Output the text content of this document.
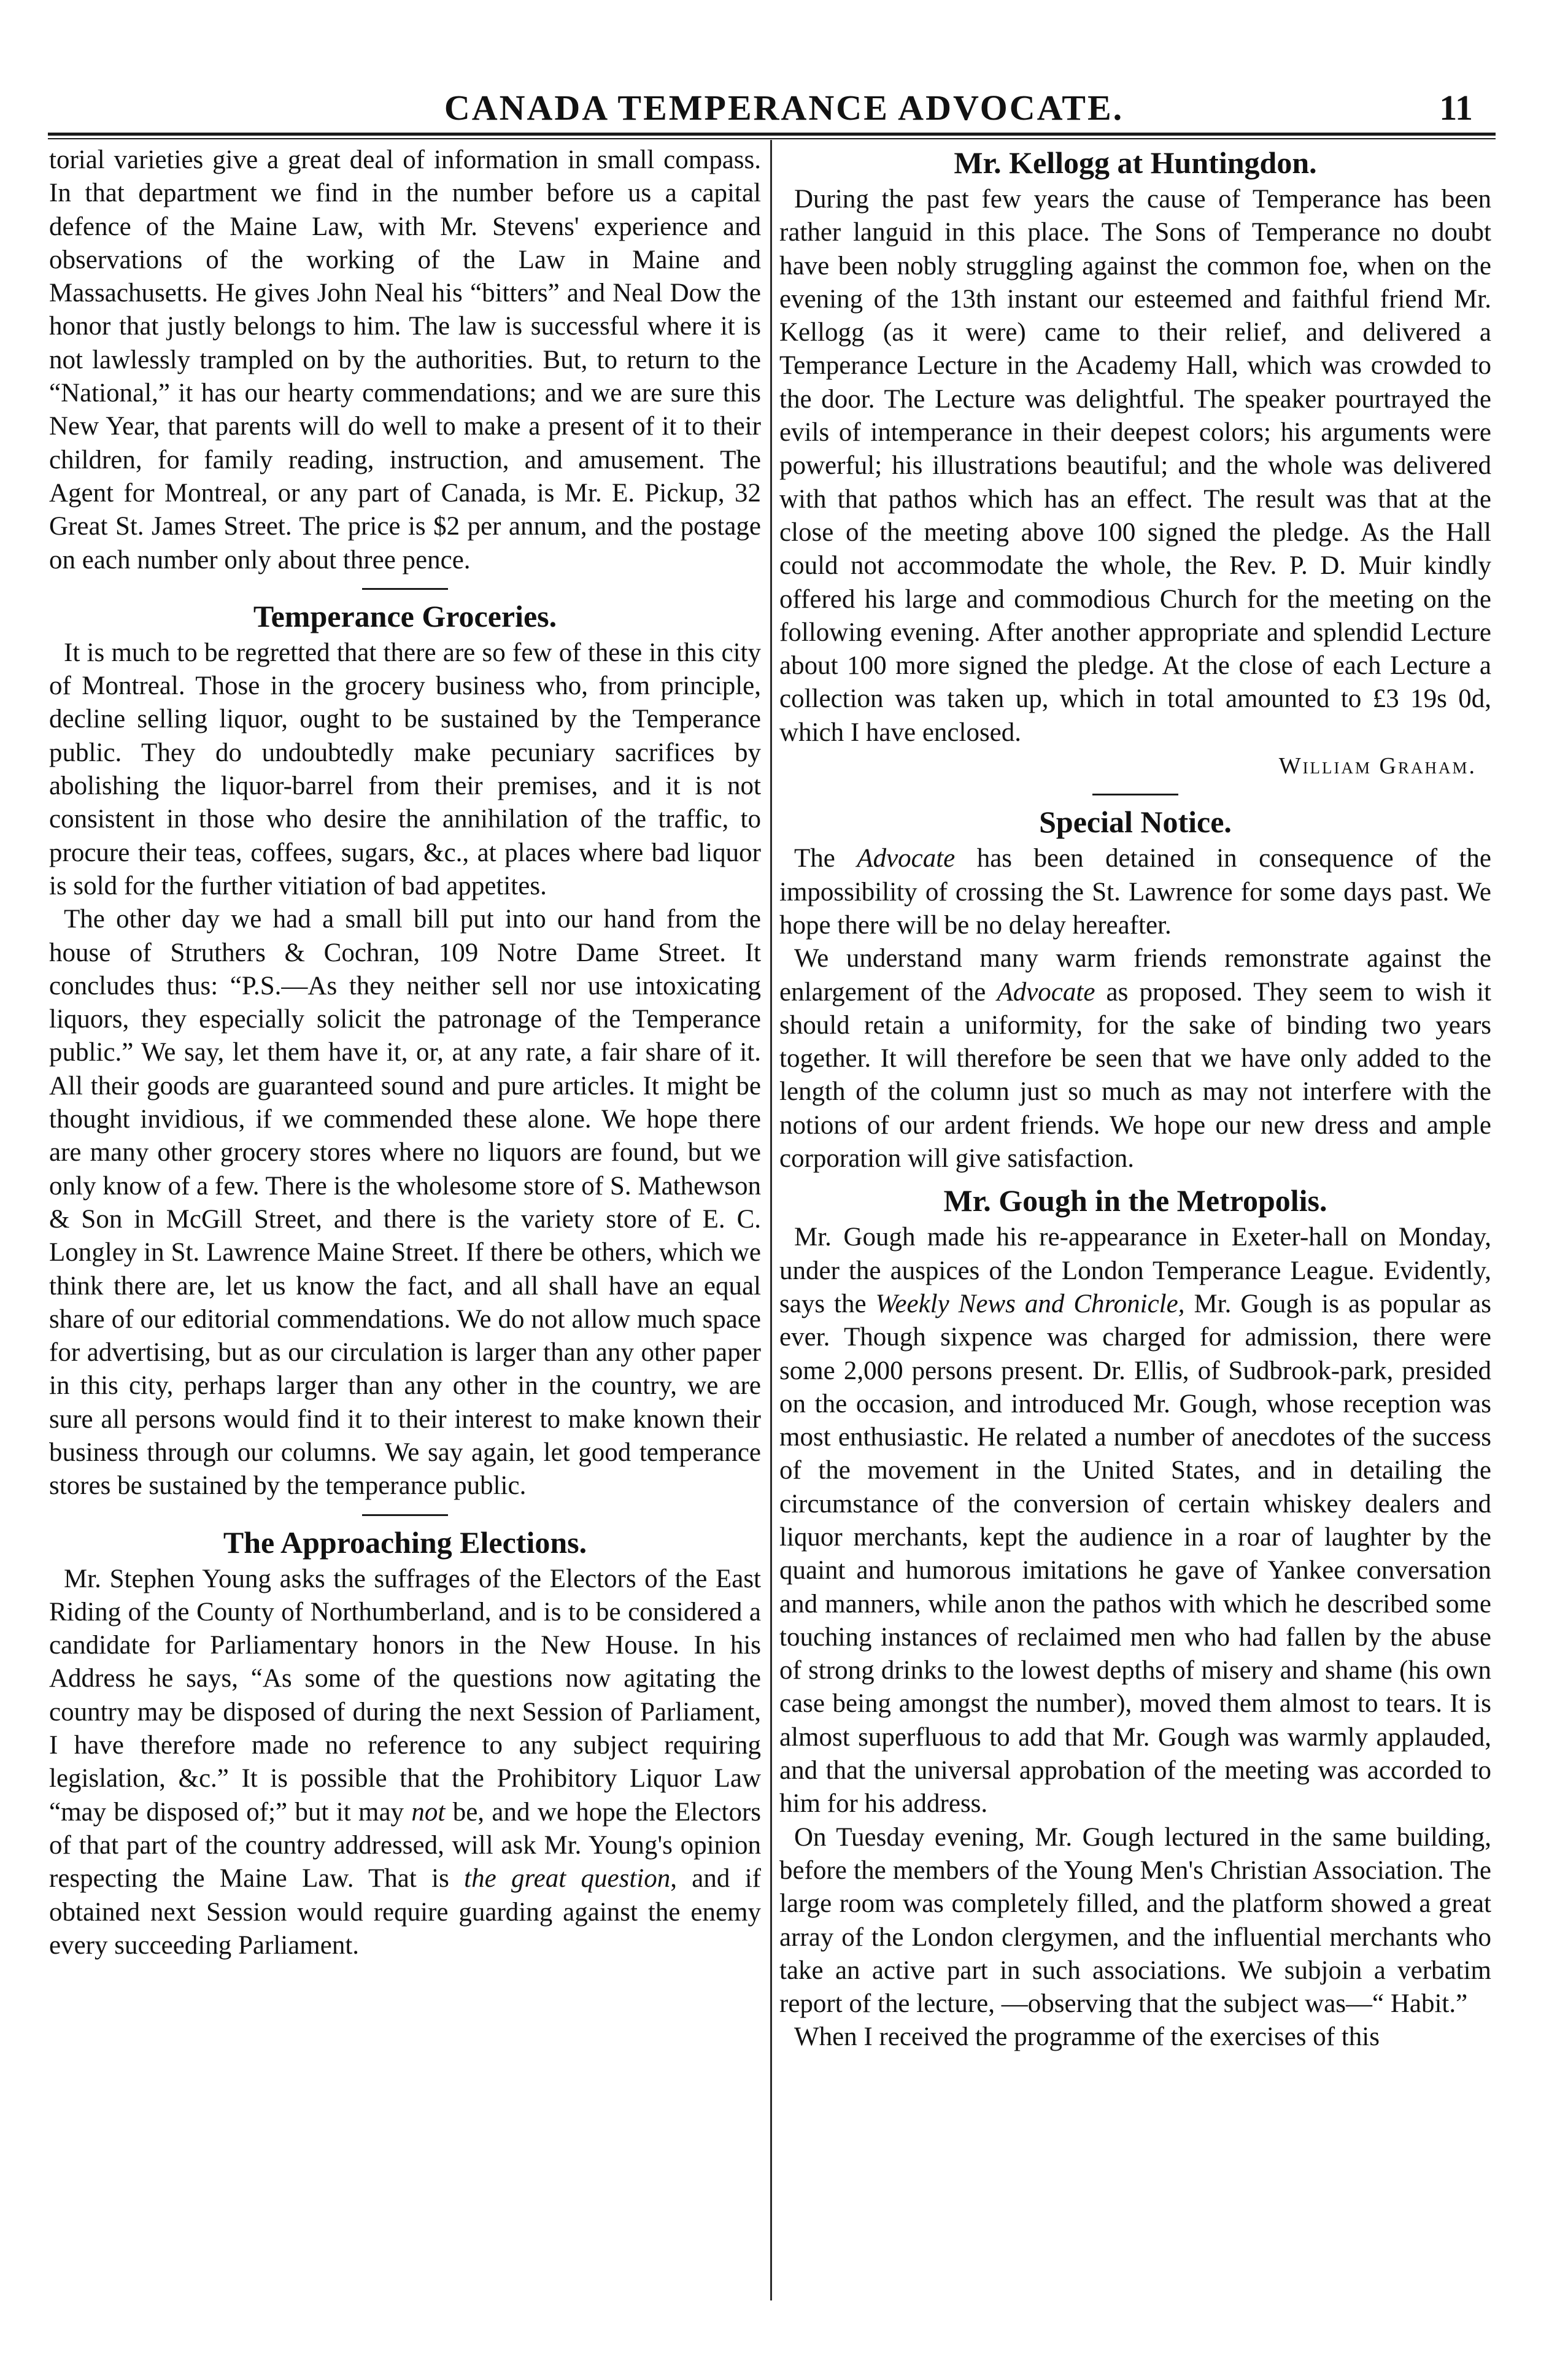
CANADA TEMPERANCE ADVOCATE.	11

torial varieties give a great deal of information in small compass. In that department we find in the number before us a capital defence of the Maine Law, with Mr. Stevens' experience and observations of the working of the Law in Maine and Massachusetts. He gives John Neal his “bitters” and Neal Dow the honor that justly belongs to him. The law is successful where it is not lawlessly trampled on by the authorities. But, to return to the “National,” it has our hearty commendations; and we are sure this New Year, that parents will do well to make a present of it to their children, for family reading, instruction, and amusement. The Agent for Montreal, or any part of Canada, is Mr. E. Pickup, 32 Great St. James Street. The price is $2 per annum, and the postage on each number only about three pence.

Temperance Groceries.

It is much to be regretted that there are so few of these in this city of Montreal. Those in the grocery business who, from principle, decline selling liquor, ought to be sustained by the Temperance public. They do undoubtedly make pecuniary sacrifices by abolishing the liquor-barrel from their premises, and it is not consistent in those who desire the annihilation of the traffic, to procure their teas, coffees, sugars, &c., at places where bad liquor is sold for the further vitiation of bad appetites.

The other day we had a small bill put into our hand from the house of Struthers & Cochran, 109 Notre Dame Street. It concludes thus: “P.S.—As they neither sell nor use intoxicating liquors, they especially solicit the patronage of the Temperance public.” We say, let them have it, or, at any rate, a fair share of it. All their goods are guaranteed sound and pure articles. It might be thought invidious, if we commended these alone. We hope there are many other grocery stores where no liquors are found, but we only know of a few. There is the wholesome store of S. Mathewson & Son in McGill Street, and there is the variety store of E. C. Longley in St. Lawrence Maine Street. If there be others, which we think there are, let us know the fact, and all shall have an equal share of our editorial commendations. We do not allow much space for advertising, but as our circulation is larger than any other paper in this city, perhaps larger than any other in the country, we are sure all persons would find it to their interest to make known their business through our columns. We say again, let good temperance stores be sustained by the temperance public.

The Approaching Elections.

Mr. Stephen Young asks the suffrages of the Electors of the East Riding of the County of Northumberland, and is to be considered a candidate for Parliamentary honors in the New House. In his Address he says, “As some of the questions now agitating the country may be disposed of during the next Session of Parliament, I have therefore made no reference to any subject requiring legislation, &c.” It is possible that the Prohibitory Liquor Law “may be disposed of;” but it may not be, and we hope the Electors of that part of the country addressed, will ask Mr. Young's opinion respecting the Maine Law. That is the great question, and if obtained next Session would require guarding against the enemy every succeeding Parliament.

Mr. Kellogg at Huntingdon.

During the past few years the cause of Temperance has been rather languid in this place. The Sons of Temperance no doubt have been nobly struggling against the common foe, when on the evening of the 13th instant our esteemed and faithful friend Mr. Kellogg (as it were) came to their relief, and delivered a Temperance Lecture in the Academy Hall, which was crowded to the door. The Lecture was delightful. The speaker pourtrayed the evils of intemperance in their deepest colors; his arguments were powerful; his illustrations beautiful; and the whole was delivered with that pathos which has an effect. The result was that at the close of the meeting above 100 signed the pledge. As the Hall could not accommodate the whole, the Rev. P. D. Muir kindly offered his large and commodious Church for the meeting on the following evening. After another appropriate and splendid Lecture about 100 more signed the pledge. At the close of each Lecture a collection was taken up, which in total amounted to £3 19s 0d, which I have enclosed.

William Graham.

Special Notice.

The Advocate has been detained in consequence of the impossibility of crossing the St. Lawrence for some days past. We hope there will be no delay hereafter.

We understand many warm friends remonstrate against the enlargement of the Advocate as proposed. They seem to wish it should retain a uniformity, for the sake of binding two years together. It will therefore be seen that we have only added to the length of the column just so much as may not interfere with the notions of our ardent friends. We hope our new dress and ample corporation will give satisfaction.

Mr. Gough in the Metropolis.

Mr. Gough made his re-appearance in Exeter-hall on Monday, under the auspices of the London Temperance League. Evidently, says the Weekly News and Chronicle, Mr. Gough is as popular as ever. Though sixpence was charged for admission, there were some 2,000 persons present. Dr. Ellis, of Sudbrook-park, presided on the occasion, and introduced Mr. Gough, whose reception was most enthusiastic. He related a number of anecdotes of the success of the movement in the United States, and in detailing the circumstance of the conversion of certain whiskey dealers and liquor merchants, kept the audience in a roar of laughter by the quaint and humorous imitations he gave of Yankee conversation and manners, while anon the pathos with which he described some touching instances of reclaimed men who had fallen by the abuse of strong drinks to the lowest depths of misery and shame (his own case being amongst the number), moved them almost to tears. It is almost superfluous to add that Mr. Gough was warmly applauded, and that the universal approbation of the meeting was accorded to him for his address.

On Tuesday evening, Mr. Gough lectured in the same building, before the members of the Young Men's Christian Association. The large room was completely filled, and the platform showed a great array of the London clergymen, and the influential merchants who take an active part in such associations. We subjoin a verbatim report of the lecture, —observing that the subject was—“ Habit.”

When I received the programme of the exercises of this
